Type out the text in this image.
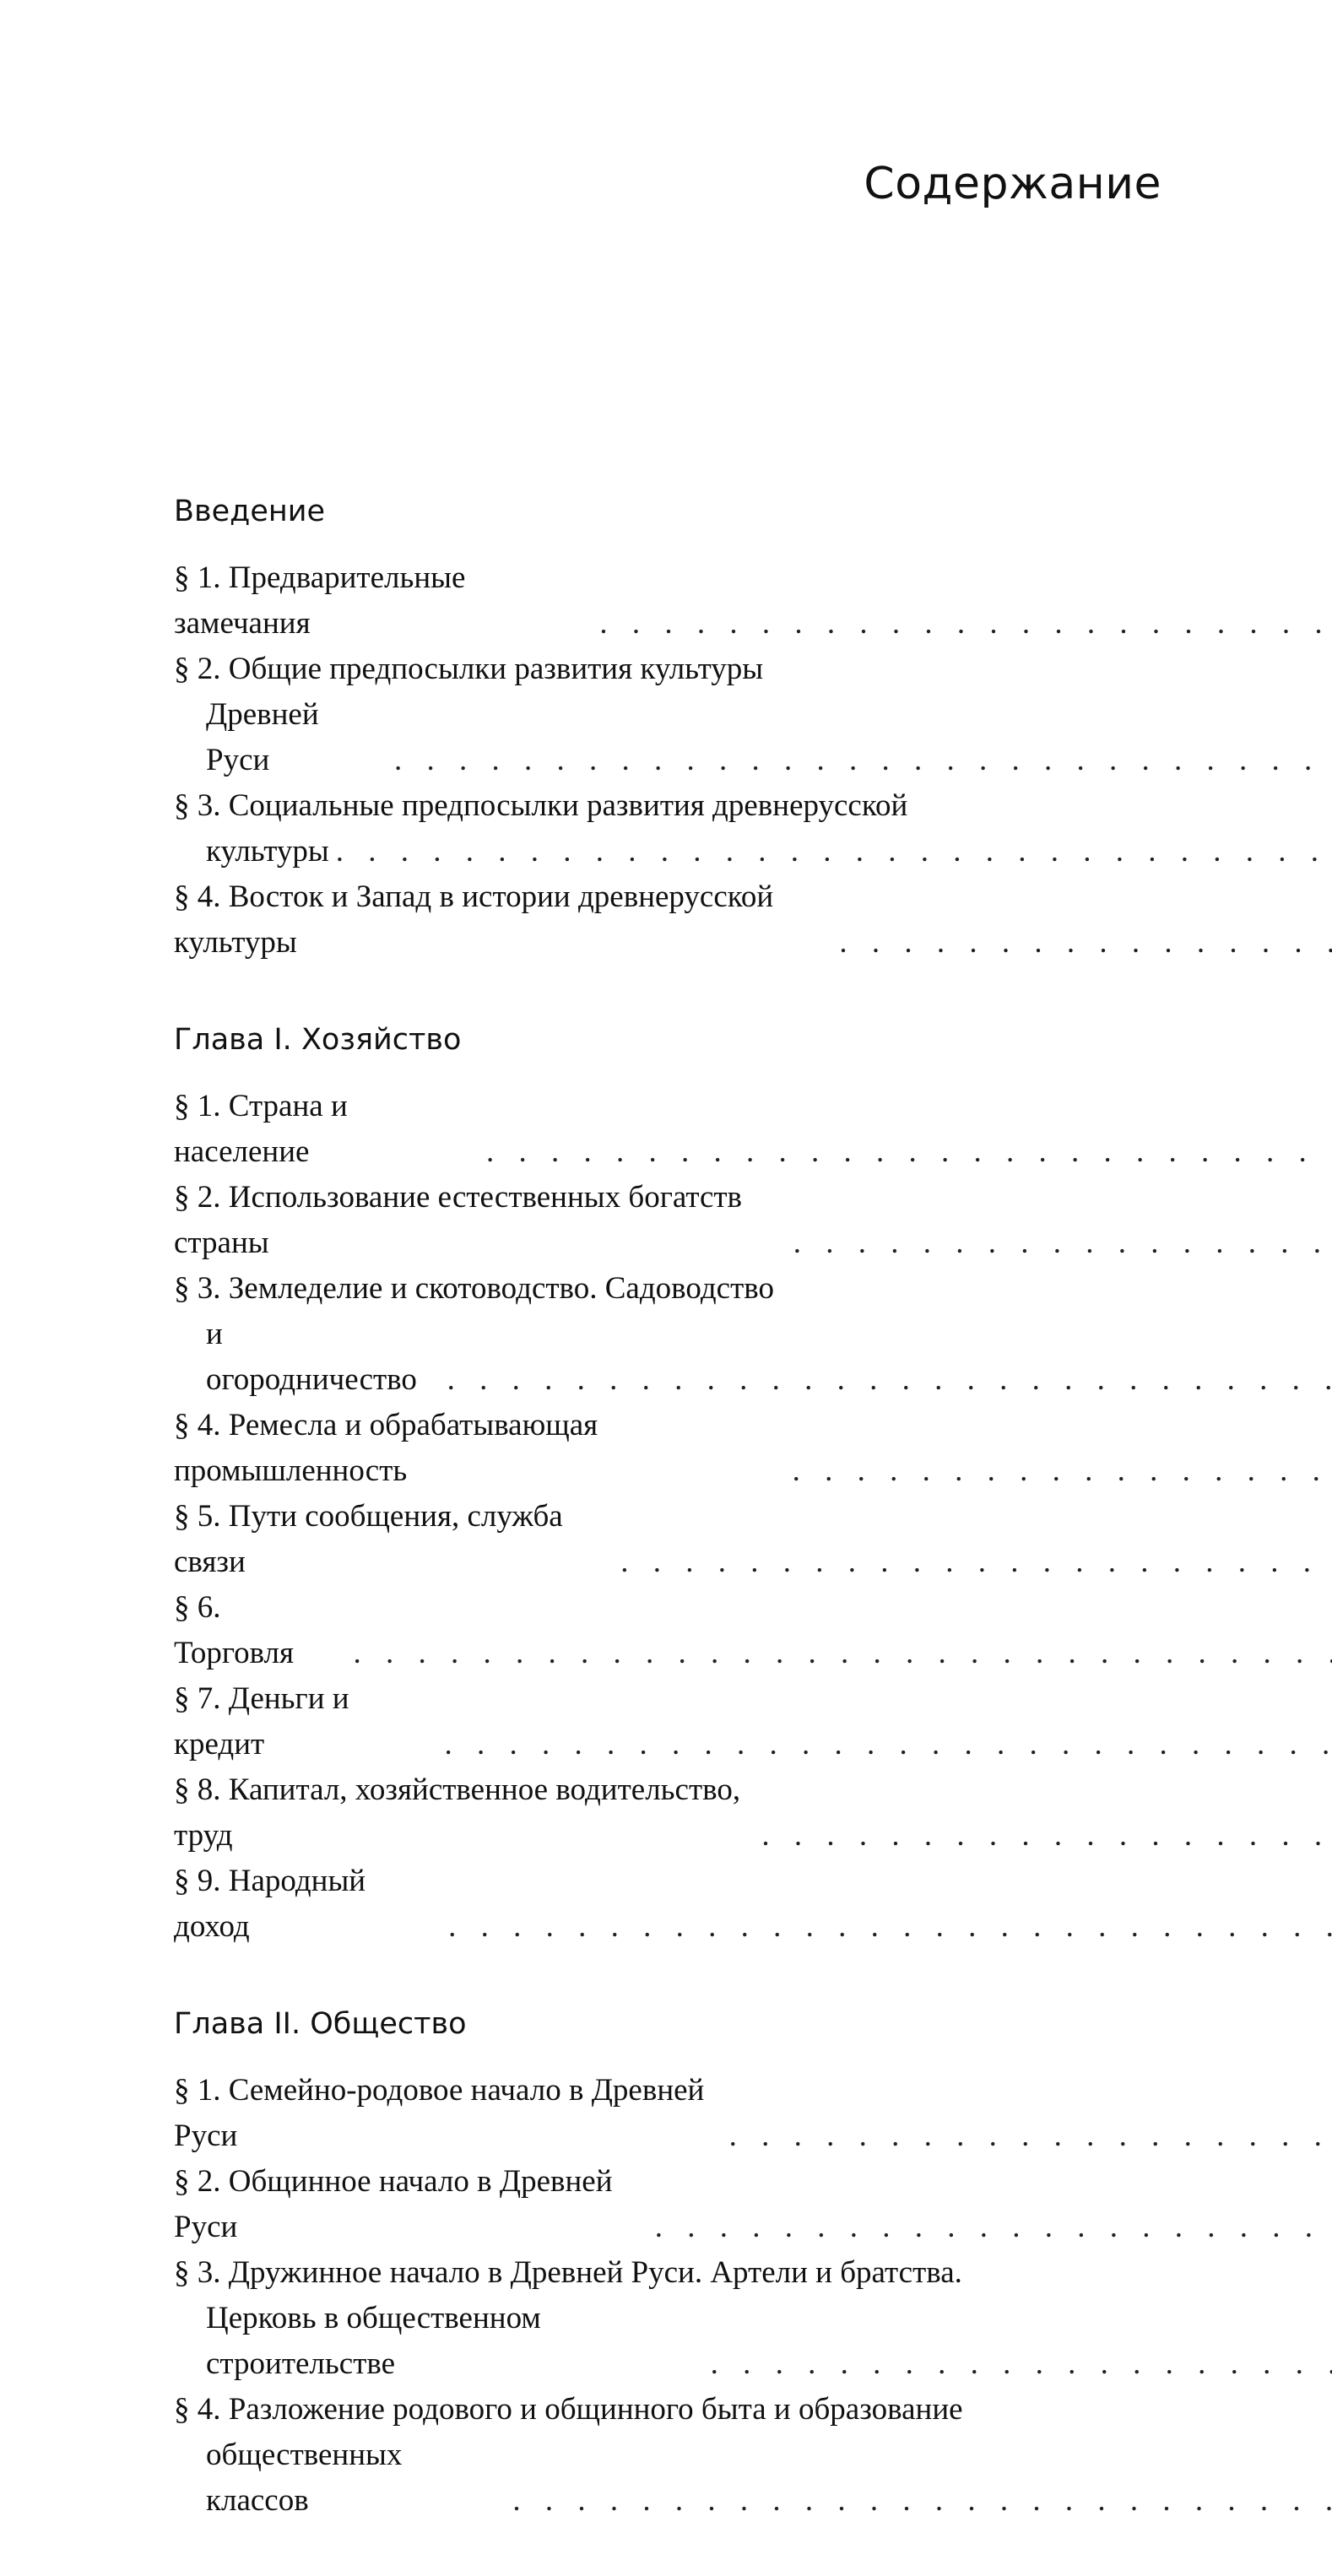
Содержание
Введение
§ 1. Предварительные замечания
. . .
§ 2. Общие предпосылки развития культуры
Древней Руси
. . .
§ 3. Социальные предпосылки развития древнерусской
культуры
. . .
§ 4. Восток и Запад в истории древнерусской культуры
. . .
Глава I. Хозяйство
§ 1. Страна и население
. . .
§ 2. Использование естественных богатств страны
. . .
§ 3. Земледелие и скотоводство. Садоводство
и огородничество
. . .
§ 4. Ремесла и обрабатывающая промышленность
. . .
§ 5. Пути сообщения, служба связи
. . .
§ 6. Торговля
. . .
§ 7. Деньги и кредит
. . .
§ 8. Капитал, хозяйственное водительство, труд
. . .
§ 9. Народный доход
. . .
Глава II. Общество
§ 1. Семейно-родовое начало в Древней Руси
. . .
§ 2. Общинное начало в Древней Руси
. . .
§ 3. Дружинное начало в Древней Руси. Артели и братства.
Церковь в общественном строительстве
. . .
§ 4. Разложение родового и общинного быта и образование
общественных классов
. . .
